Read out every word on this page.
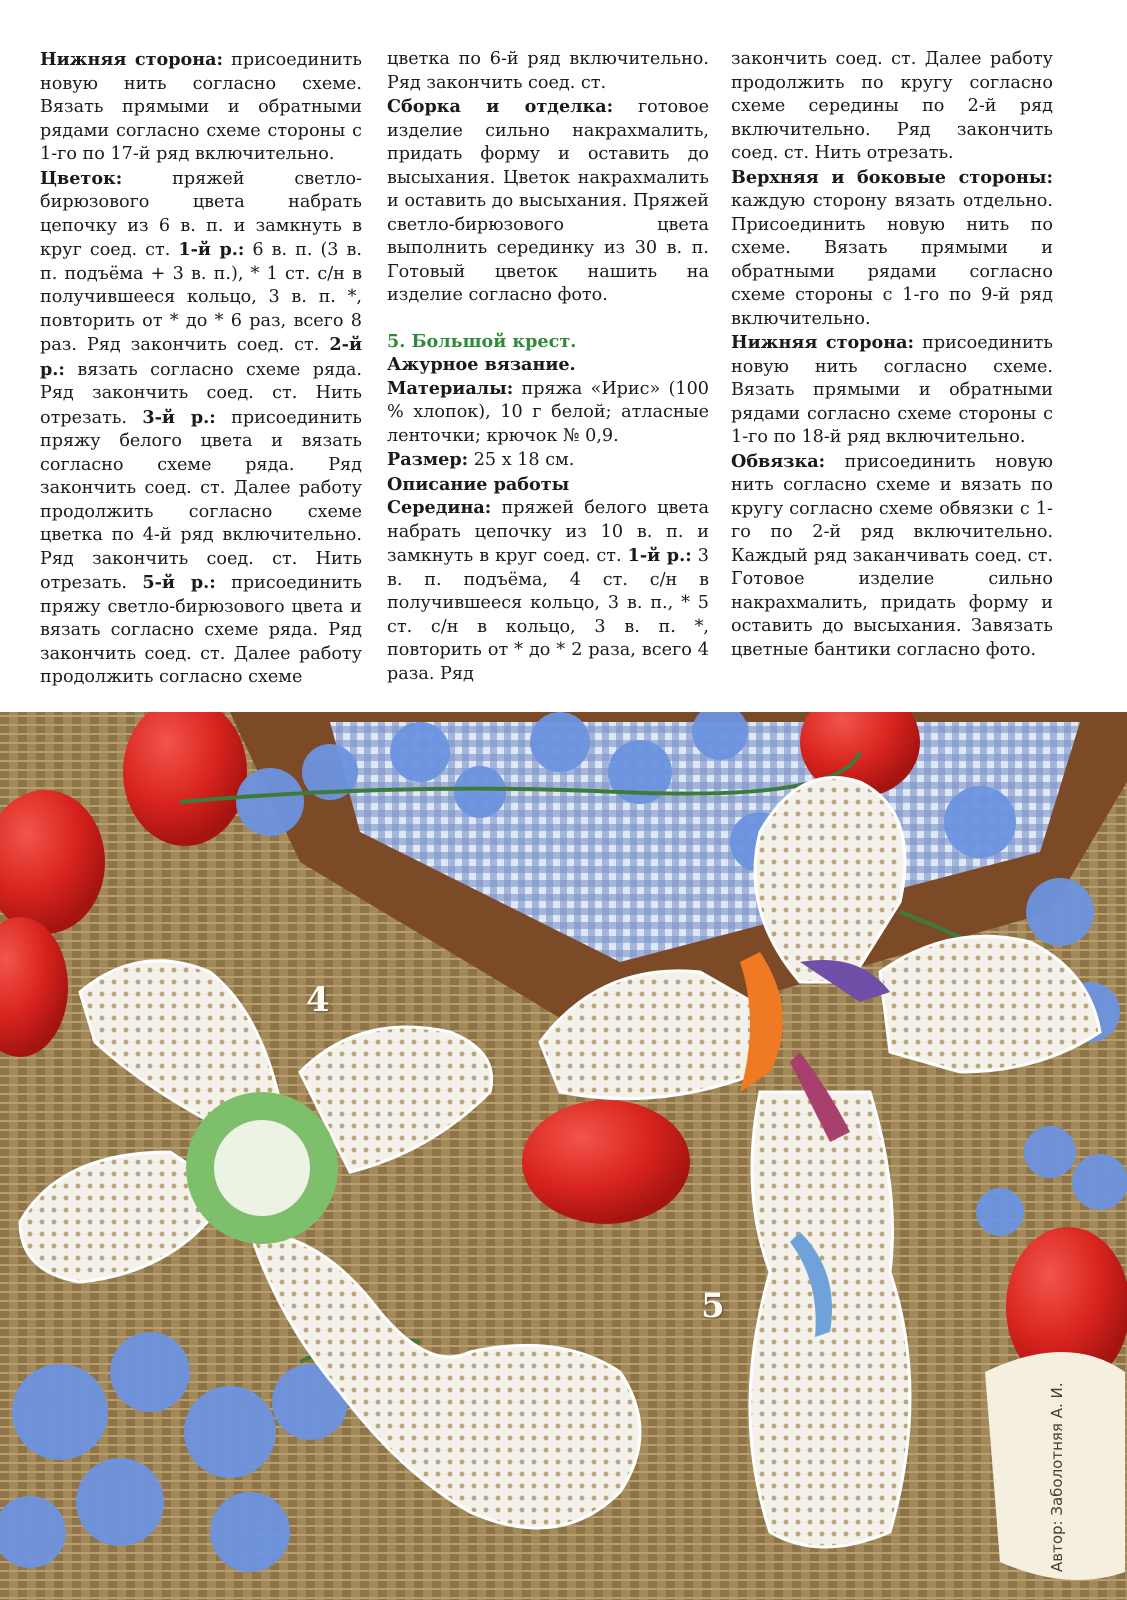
Нижняя сторона: присоединить новую нить согласно схеме. Вязать прямыми и обратными рядами согласно схеме стороны с 1-го по 17-й ряд включительно.

Цветок: пряжей светло-бирюзового цвета набрать цепочку из 6 в. п. и замкнуть в круг соед. ст. 1-й р.: 6 в. п. (3 в. п. подъёма + 3 в. п.), * 1 ст. с/н в получившееся кольцо, 3 в. п. *, повторить от * до * 6 раз, всего 8 раз. Ряд закончить соед. ст. 2-й р.: вязать согласно схеме ряда. Ряд закончить соед. ст. Нить отрезать. 3-й р.: присоединить пряжу белого цвета и вязать согласно схеме ряда. Ряд закончить соед. ст. Далее работу продолжить согласно схеме цветка по 4-й ряд включительно. Ряд закончить соед. ст. Нить отрезать. 5-й р.: присоединить пряжу светло-бирюзового цвета и вязать согласно схеме ряда. Ряд закончить соед. ст. Далее работу продолжить согласно схеме

цветка по 6-й ряд включительно. Ряд закончить соед. ст.

Сборка и отделка: готовое изделие сильно накрахмалить, придать форму и оставить до высыхания. Цветок накрахмалить и оставить до высыхания. Пряжей светло-бирюзового цвета выполнить серединку из 30 в. п. Готовый цветок нашить на изделие согласно фото.

5. Большой крест.

Ажурное вязание.

Материалы: пряжа «Ирис» (100 % хлопок), 10 г белой; атласные ленточки; крючок № 0,9.

Размер: 25 х 18 см.

Описание работы

Середина: пряжей белого цвета набрать цепочку из 10 в. п. и замкнуть в круг соед. ст. 1-й р.: 3 в. п. подъёма, 4 ст. с/н в получившееся кольцо, 3 в. п., * 5 ст. с/н в кольцо, 3 в. п. *, повторить от * до * 2 раза, всего 4 раза. Ряд

закончить соед. ст. Далее работу продолжить по кругу согласно схеме середины по 2-й ряд включительно. Ряд закончить соед. ст. Нить отрезать.

Верхняя и боковые стороны: каждую сторону вязать отдельно. Присоединить новую нить по схеме. Вязать прямыми и обратными рядами согласно схеме стороны с 1-го по 9-й ряд включительно.

Нижняя сторона: присоединить новую нить согласно схеме. Вязать прямыми и обратными рядами согласно схеме стороны с 1-го по 18-й ряд включительно.

Обвязка: присоединить новую нить согласно схеме и вязать по кругу согласно схеме обвязки с 1-го по 2-й ряд включительно. Каждый ряд заканчивать соед. ст. Готовое изделие сильно накрахмалить, придать форму и оставить до высыхания. Завязать цветные бантики согласно фото.

4
5
Автор: Заболотняя А. И.
